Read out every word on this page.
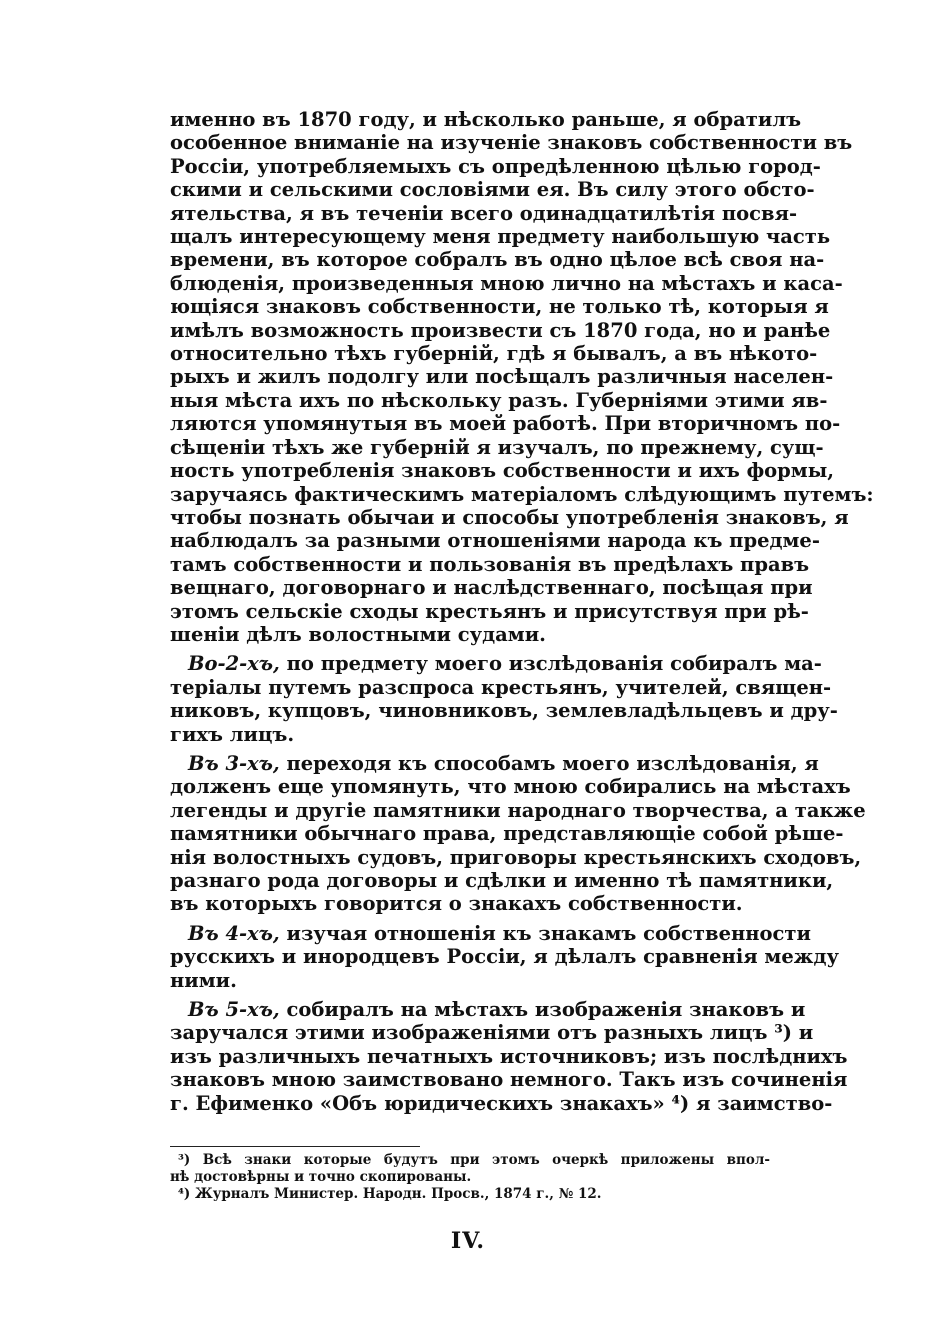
именно въ 1870 году, и нѣсколько раньше, я обратилъ
особенное вниманіе на изученіе знаковъ собственности въ
Россіи, употребляемыхъ съ опредѣленною цѣлью город-
скими и сельскими сословіями ея. Въ силу этого обсто-
ятельства, я въ теченіи всего одинадцатилѣтія посвя-
щалъ интересующему меня предмету наибольшую часть
времени, въ которое собралъ въ одно цѣлое всѣ своя на-
блюденія, произведенныя мною лично на мѣстахъ и каса-
ющіяся знаковъ собственности, не только тѣ, которыя я
имѣлъ возможность произвести съ 1870 года, но и ранѣе
относительно тѣхъ губерній, гдѣ я бывалъ, а въ нѣкото-
рыхъ и жилъ подолгу или посѣщалъ различныя населен-
ныя мѣста ихъ по нѣскольку разъ. Губерніями этими яв-
ляются упомянутыя въ моей работѣ. При вторичномъ по-
сѣщеніи тѣхъ же губерній я изучалъ, по прежнему, сущ-
ность употребленія знаковъ собственности и ихъ формы,
заручаясь фактическимъ матеріаломъ слѣдующимъ путемъ:
чтобы познать обычаи и способы употребленія знаковъ, я
наблюдалъ за разными отношеніями народа къ предме-
тамъ собственности и пользованія въ предѣлахъ правъ
вещнаго, договорнаго и наслѣдственнаго, посѣщая при
этомъ сельскіе сходы крестьянъ и присутствуя при рѣ-
шеніи дѣлъ волостными судами.

Во-2-хъ, по предмету моего изслѣдованія собиралъ ма-
теріалы путемъ разспроса крестьянъ, учителей, священ-
никовъ, купцовъ, чиновниковъ, землевладѣльцевъ и дру-
гихъ лицъ.

Въ 3-хъ, переходя къ способамъ моего изслѣдованія, я
долженъ еще упомянуть, что мною собирались на мѣстахъ
легенды и другіе памятники народнаго творчества, а также
памятники обычнаго права, представляющіе собой рѣше-
нія волостныхъ судовъ, приговоры крестьянскихъ сходовъ,
разнаго рода договоры и сдѣлки и именно тѣ памятники,
въ которыхъ говорится о знакахъ собственности.

Въ 4-хъ, изучая отношенія къ знакамъ собственности
русскихъ и инородцевъ Россіи, я дѣлалъ сравненія между
ними.

Въ 5-хъ, собиралъ на мѣстахъ изображенія знаковъ и
заручался этими изображеніями отъ разныхъ лицъ ³) и
изъ различныхъ печатныхъ источниковъ; изъ послѣднихъ
знаковъ мною заимствовано немного. Такъ изъ сочиненія
г. Ефименко «Объ юридическихъ знакахъ» ⁴) я заимство-

³) Всѣ знаки которые будутъ при этомъ очеркѣ приложены впол-
нѣ достовѣрны и точно скопированы.

⁴) Журналъ Министер. Народн. Просв., 1874 г., № 12.

IV.
